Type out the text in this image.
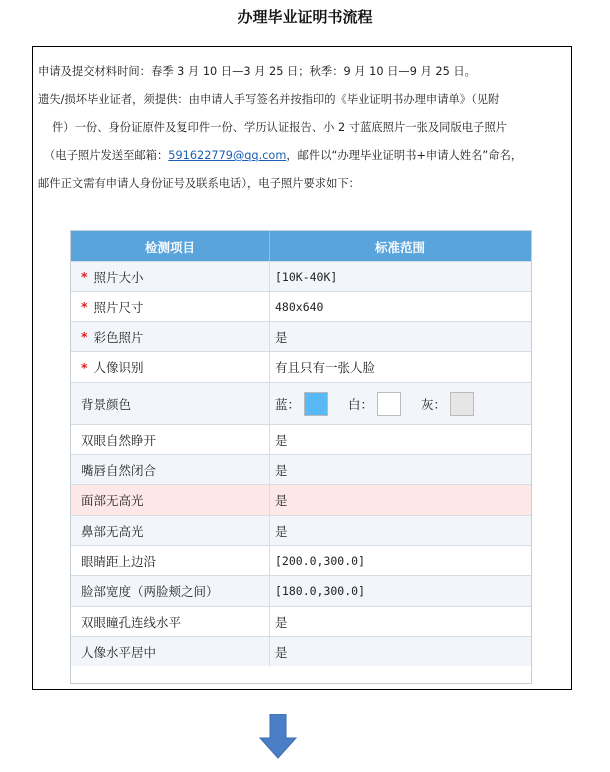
办理毕业证明书流程
申请及提交材料时间：春季 3 月 10 日—3 月 25 日；秋季：9 月 10 日—9 月 25 日。
遗失/损坏毕业证者，须提供：由申请人手写签名并按指印的《毕业证明书办理申请单》（见附
件）一份、身份证原件及复印件一份、学历认证报告、小 2 寸蓝底照片一张及同版电子照片
（电子照片发送至邮箱：591622779@qq.com，邮件以“办理毕业证明书+申请人姓名”命名，
邮件正文需有申请人身份证号及联系电话），电子照片要求如下：
检测项目	标准范围
* 照片大小	[10K-40K]
* 照片尺寸	480x640
* 彩色照片	是
* 人像识别	有且只有一张人脸
背景颜色	蓝：	白：	灰：
双眼自然睁开	是
嘴唇自然闭合	是
面部无高光	是
鼻部无高光	是
眼睛距上边沿	[200.0,300.0]
脸部宽度（两脸颊之间）	[180.0,300.0]
双眼瞳孔连线水平	是
人像水平居中	是
